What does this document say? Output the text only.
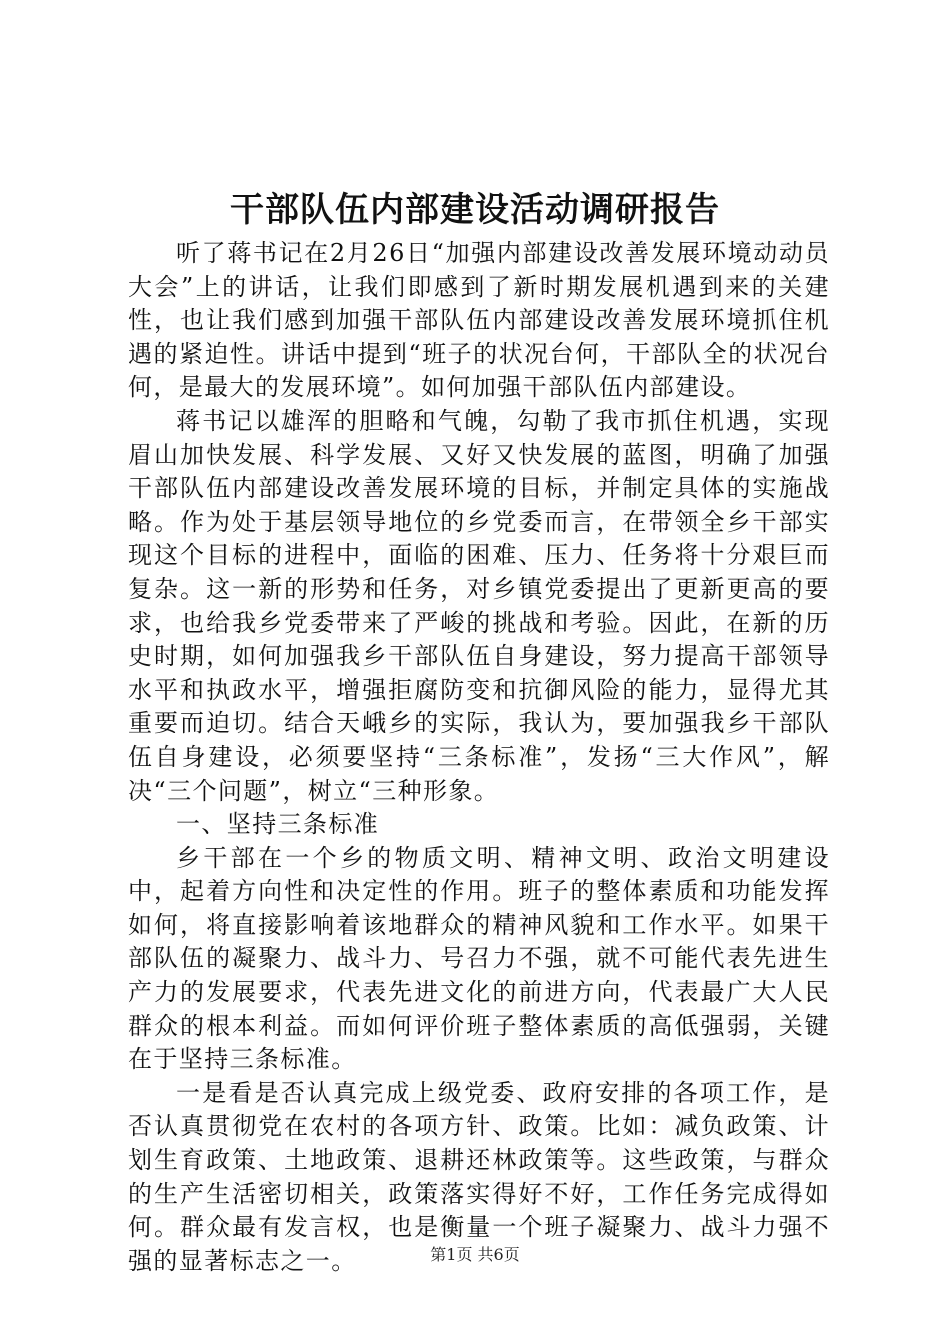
干部队伍内部建设活动调研报告

听了蒋书记在2月26日“加强内部建设改善发展环境动动员大会”上的讲话，让我们即感到了新时期发展机遇到来的关建性，也让我们感到加强干部队伍内部建设改善发展环境抓住机遇的紧迫性。讲话中提到“班子的状况台何，干部队全的状况台何，是最大的发展环境”。如何加强干部队伍内部建设。

蒋书记以雄浑的胆略和气魄，勾勒了我市抓住机遇，实现眉山加快发展、科学发展、又好又快发展的蓝图，明确了加强干部队伍内部建设改善发展环境的目标，并制定具体的实施战略。作为处于基层领导地位的乡党委而言，在带领全乡干部实现这个目标的进程中，面临的困难、压力、任务将十分艰巨而复杂。这一新的形势和任务，对乡镇党委提出了更新更高的要求，也给我乡党委带来了严峻的挑战和考验。因此，在新的历史时期，如何加强我乡干部队伍自身建设，努力提高干部领导水平和执政水平，增强拒腐防变和抗御风险的能力，显得尤其重要而迫切。结合天峨乡的实际，我认为，要加强我乡干部队伍自身建设，必须要坚持“三条标准”，发扬“三大作风”，解决“三个问题”，树立“三种形象。

一、坚持三条标准

乡干部在一个乡的物质文明、精神文明、政治文明建设中，起着方向性和决定性的作用。班子的整体素质和功能发挥如何，将直接影响着该地群众的精神风貌和工作水平。如果干部队伍的凝聚力、战斗力、号召力不强，就不可能代表先进生产力的发展要求，代表先进文化的前进方向，代表最广大人民群众的根本利益。而如何评价班子整体素质的高低强弱，关键在于坚持三条标准。

一是看是否认真完成上级党委、政府安排的各项工作，是否认真贯彻党在农村的各项方针、政策。比如：减负政策、计划生育政策、土地政策、退耕还林政策等。这些政策，与群众的生产生活密切相关，政策落实得好不好，工作任务完成得如何。群众最有发言权，也是衡量一个班子凝聚力、战斗力强不强的显著标志之一。	第1页 共6页
